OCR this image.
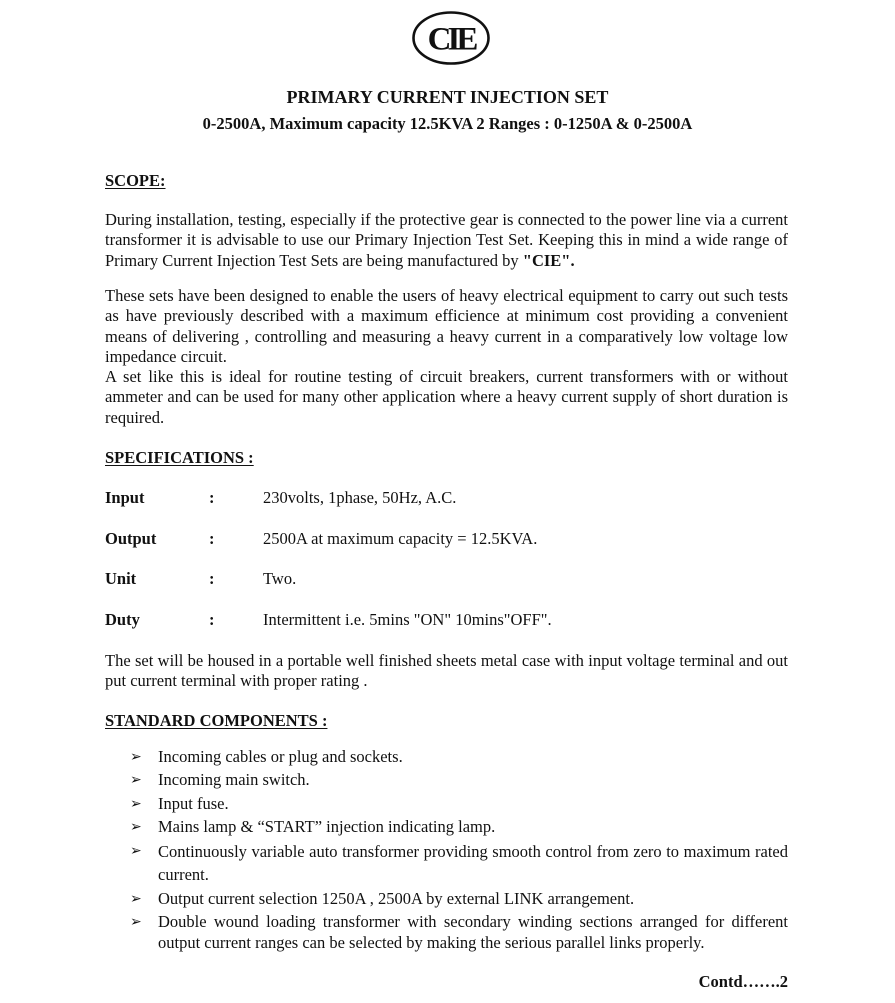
CIE
PRIMARY CURRENT INJECTION SET
0-2500A, Maximum capacity 12.5KVA 2 Ranges : 0-1250A & 0-2500A
SCOPE:
During installation, testing, especially if the protective gear is connected to the power line via a current transformer it is advisable to use our Primary Injection Test Set. Keeping this in mind a wide range of Primary Current Injection Test Sets are being manufactured by "CIE".
These sets have been designed to enable the users of heavy electrical equipment to carry out such tests as have previously described with a maximum efficience at minimum cost providing a convenient means of delivering , controlling and measuring a heavy current in a comparatively low voltage low impedance circuit.
A set like this is ideal for routine testing of circuit breakers, current transformers with or without ammeter and can be used for many other application where a heavy current supply of short duration is required.
SPECIFICATIONS :
Input	:	230volts, 1phase, 50Hz, A.C.
Output	:	2500A at maximum capacity = 12.5KVA.
Unit	:	Two.
Duty	:	Intermittent i.e. 5mins "ON" 10mins"OFF".
The set will be housed in a portable well finished sheets metal case with input voltage terminal and out put current terminal with proper rating .
STANDARD COMPONENTS :
➢ Incoming cables or plug and sockets.
➢ Incoming main switch.
➢ Input fuse.
➢ Mains lamp & “START” injection indicating lamp.
➢ Continuously variable auto transformer providing smooth control from zero to maximum rated current.
➢ Output current selection 1250A , 2500A by external LINK arrangement.
➢ Double wound loading transformer with secondary winding sections arranged for different output current ranges can be selected by making the serious parallel links properly.
Contd…….2
